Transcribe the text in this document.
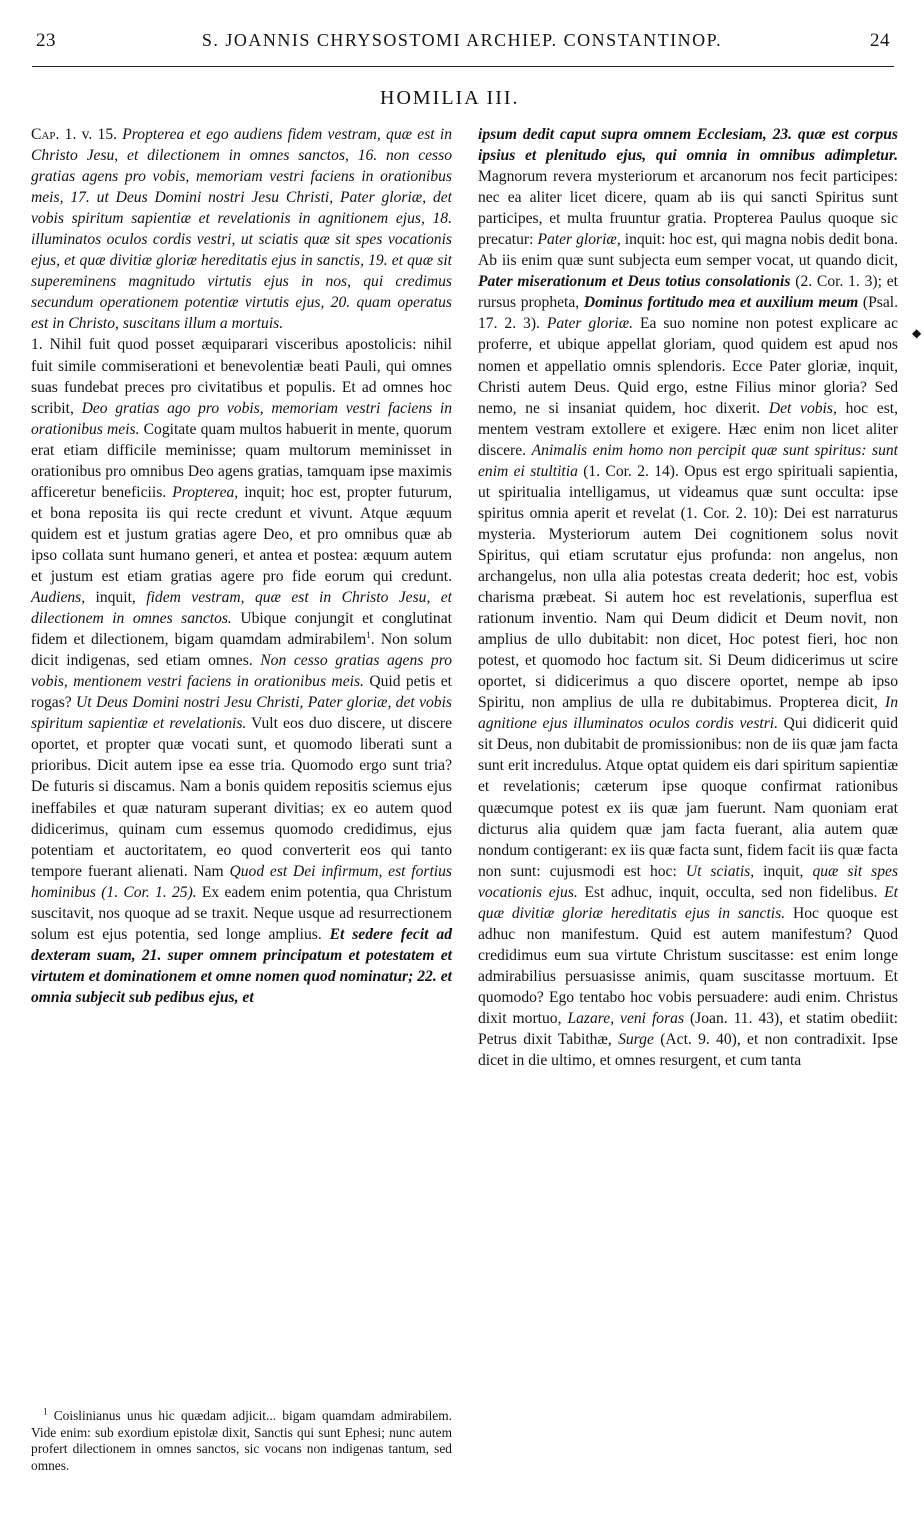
23	S. JOANNIS CHRYSOSTOMI ARCHIEP. CONSTANTINOP.	24
HOMILIA III.

Cap. 1. v. 15. Propterea et ego audiens fidem vestram, quæ est in Christo Jesu, et dilectionem in omnes sanctos, 16. non cesso gratias agens pro vobis, memoriam vestri faciens in orationibus meis, 17. ut Deus Domini nostri Jesu Christi, Pater gloriæ, det vobis spiritum sapientiæ et revelationis in agnitionem ejus, 18. illuminatos oculos cordis vestri, ut sciatis quæ sit spes vocationis ejus, et quæ divitiæ gloriæ hereditatis ejus in sanctis, 19. et quæ sit supereminens magnitudo virtutis ejus in nos, qui credimus secundum operationem potentiæ virtutis ejus, 20. quam operatus est in Christo, suscitans illum a mortuis.

1. Nihil fuit quod posset æquiparari visceribus apostolicis: nihil fuit simile commiserationi et benevolentiæ beati Pauli, qui omnes suas fundebat preces pro civitatibus et populis. Et ad omnes hoc scribit, Deo gratias ago pro vobis, memoriam vestri faciens in orationibus meis. Cogitate quam multos habuerit in mente, quorum erat etiam difficile meminisse; quam multorum meminisset in orationibus pro omnibus Deo agens gratias, tamquam ipse maximis afficeretur beneficiis. Propterea, inquit; hoc est, propter futurum, et bona reposita iis qui recte credunt et vivunt. Atque æquum quidem est et justum gratias agere Deo, et pro omnibus quæ ab ipso collata sunt humano generi, et antea et postea: æquum autem et justum est etiam gratias agere pro fide eorum qui credunt. Audiens, inquit, fidem vestram, quæ est in Christo Jesu, et dilectionem in omnes sanctos. Ubique conjungit et conglutinat fidem et dilectionem, bigam quamdam admirabilem$^1$. Non solum dicit indigenas, sed etiam omnes. Non cesso gratias agens pro vobis, mentionem vestri faciens in orationibus meis. Quid petis et rogas? Ut Deus Domini nostri Jesu Christi, Pater gloriæ, det vobis spiritum sapientiæ et revelationis. Vult eos duo discere, ut discere oportet, et propter quæ vocati sunt, et quomodo liberati sunt a prioribus. Dicit autem ipse ea esse tria. Quomodo ergo sunt tria? De futuris si discamus. Nam a bonis quidem repositis sciemus ejus ineffabiles et quæ naturam superant divitias; ex eo autem quod didicerimus, quinam cum essemus quomodo credidimus, ejus potentiam et auctoritatem, eo quod converterit eos qui tanto tempore fuerant alienati. Nam Quod est Dei infirmum, est fortius hominibus (1. Cor. 1. 25). Ex eadem enim potentia, qua Christum suscitavit, nos quoque ad se traxit. Neque usque ad resurrectionem solum est ejus potentia, sed longe amplius. Et sedere fecit ad dexteram suam, 21. super omnem principatum et potestatem et virtutem et dominationem et omne nomen quod nominatur; 22. et omnia subjecit sub pedibus ejus, et

ipsum dedit caput supra omnem Ecclesiam, 23. quæ est corpus ipsius et plenitudo ejus, qui omnia in omnibus adimpletur. Magnorum revera mysteriorum et arcanorum nos fecit participes: nec ea aliter licet dicere, quam ab iis qui sancti Spiritus sunt participes, et multa fruuntur gratia. Propterea Paulus quoque sic precatur: Pater gloriæ, inquit: hoc est, qui magna nobis dedit bona. Ab iis enim quæ sunt subjecta eum semper vocat, ut quando dicit, Pater miserationum et Deus totius consolationis (2. Cor. 1. 3); et rursus propheta, Dominus fortitudo mea et auxilium meum (Psal. 17. 2. 3). Pater gloriæ. Ea suo nomine non potest explicare ac proferre, et ubique appellat gloriam, quod quidem est apud nos nomen et appellatio omnis splendoris. Ecce Pater gloriæ, inquit, Christi autem Deus. Quid ergo, estne Filius minor gloria? Sed nemo, ne si insaniat quidem, hoc dixerit. Det vobis, hoc est, mentem vestram extollere et exigere. Hæc enim non licet aliter discere. Animalis enim homo non percipit quæ sunt spiritus: sunt enim ei stultitia (1. Cor. 2. 14). Opus est ergo spirituali sapientia, ut spiritualia intelligamus, ut videamus quæ sunt occulta: ipse spiritus omnia aperit et revelat (1. Cor. 2. 10): Dei est narraturus mysteria. Mysteriorum autem Dei cognitionem solus novit Spiritus, qui etiam scrutatur ejus profunda: non angelus, non archangelus, non ulla alia potestas creata dederit; hoc est, vobis charisma præbeat. Si autem hoc est revelationis, superflua est rationum inventio. Nam qui Deum didicit et Deum novit, non amplius de ullo dubitabit: non dicet, Hoc potest fieri, hoc non potest, et quomodo hoc factum sit. Si Deum didicerimus ut scire oportet, si didicerimus a quo discere oportet, nempe ab ipso Spiritu, non amplius de ulla re dubitabimus. Propterea dicit, In agnitione ejus illuminatos oculos cordis vestri. Qui didicerit quid sit Deus, non dubitabit de promissionibus: non de iis quæ jam facta sunt erit incredulus. Atque optat quidem eis dari spiritum sapientiæ et revelationis; cæterum ipse quoque confirmat rationibus quæcumque potest ex iis quæ jam fuerunt. Nam quoniam erat dicturus alia quidem quæ jam facta fuerant, alia autem quæ nondum contigerant: ex iis quæ facta sunt, fidem facit iis quæ facta non sunt: cujusmodi est hoc: Ut sciatis, inquit, quæ sit spes vocationis ejus. Est adhuc, inquit, occulta, sed non fidelibus. Et quæ divitiæ gloriæ hereditatis ejus in sanctis. Hoc quoque est adhuc non manifestum. Quid est autem manifestum? Quod credidimus eum sua virtute Christum suscitasse: est enim longe admirabilius persuasisse animis, quam suscitasse mortuum. Et quomodo? Ego tentabo hoc vobis persuadere: audi enim. Christus dixit mortuo, Lazare, veni foras (Joan. 11. 43), et statim obediit: Petrus dixit Tabithæ, Surge (Act. 9. 40), et non contradixit. Ipse dicet in die ultimo, et omnes resurgent, et cum tanta

$^1$ Coislinianus unus hic quædam adjicit... bigam quamdam admirabilem. Vide enim: sub exordium epistolæ dixit, Sanctis qui sunt Ephesi; nunc autem profert dilectionem in omnes sanctos, sic vocans non indigenas tantum, sed omnes.

◆
